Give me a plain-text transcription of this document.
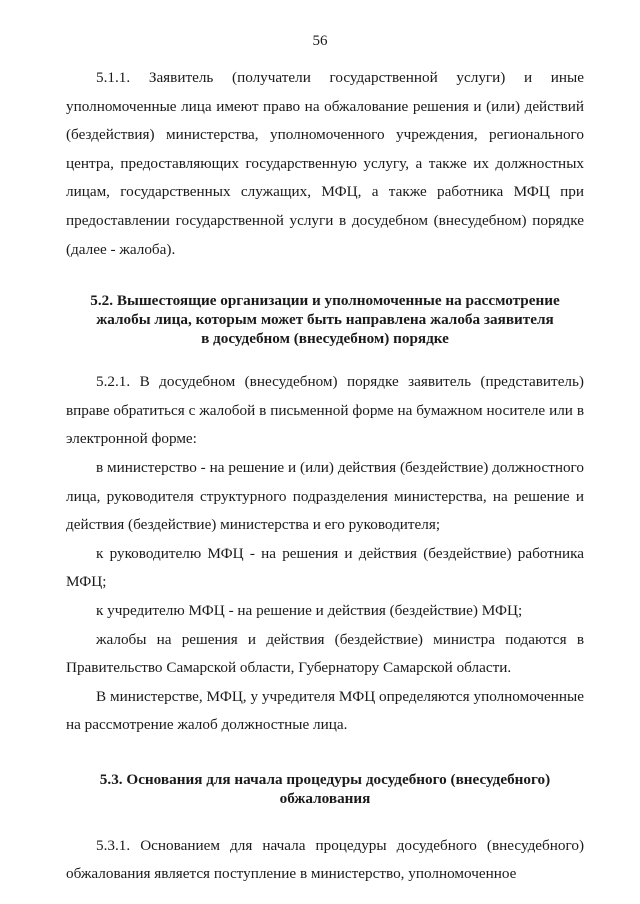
56

5.1.1. Заявитель (получатели государственной услуги) и иные уполномоченные лица имеют право на обжалование решения и (или) действий (бездействия) министерства, уполномоченного учреждения, регионального центра, предоставляющих государственную услугу, а также их должностных лицам, государственных служащих, МФЦ, а также работника МФЦ при предоставлении государственной услуги в досудебном (внесудебном) порядке (далее - жалоба).

5.2. Вышестоящие организации и уполномоченные на рассмотрение

жалобы лица, которым может быть направлена жалоба заявителя

в досудебном (внесудебном) порядке

5.2.1. В досудебном (внесудебном) порядке заявитель (представитель) вправе обратиться с жалобой в письменной форме на бумажном носителе или в электронной форме:

в министерство - на решение и (или) действия (бездействие) должностного лица, руководителя структурного подразделения министерства, на решение и действия (бездействие) министерства и его руководителя;

к руководителю МФЦ - на решения и действия (бездействие) работника МФЦ;

к учредителю МФЦ - на решение и действия (бездействие) МФЦ;

жалобы на решения и действия (бездействие) министра подаются в Правительство Самарской области, Губернатору Самарской области.

В министерстве, МФЦ, у учредителя МФЦ определяются уполномоченные на рассмотрение жалоб должностные лица.

5.3. Основания для начала процедуры досудебного (внесудебного)

обжалования

5.3.1. Основанием для начала процедуры досудебного (внесудебного) обжалования является поступление в министерство, уполномоченное
